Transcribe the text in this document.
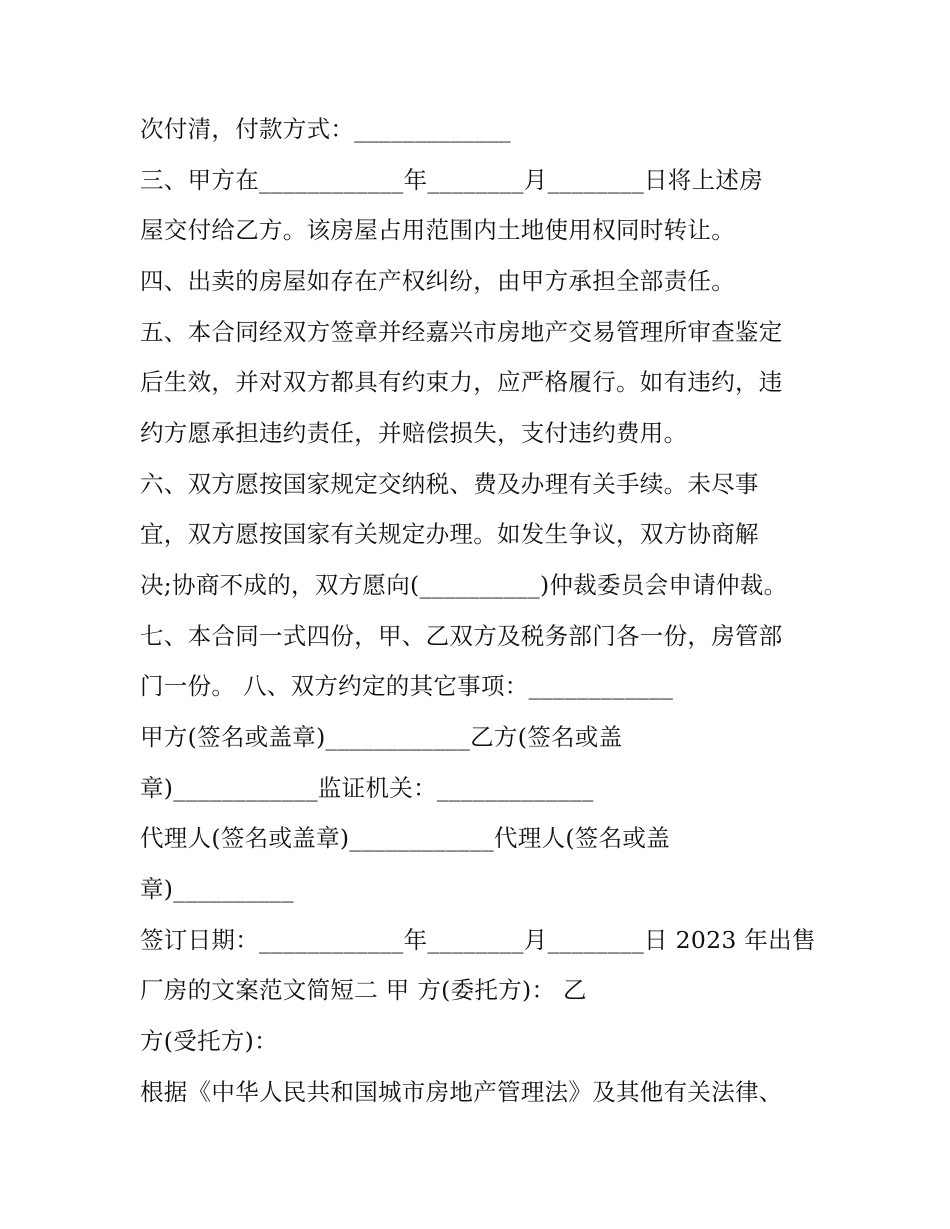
次付清，付款方式：_____________
三、甲方在____________年________月________日将上述房
屋交付给乙方。该房屋占用范围内土地使用权同时转让。
四、出卖的房屋如存在产权纠纷，由甲方承担全部责任。
五、本合同经双方签章并经嘉兴市房地产交易管理所审查鉴定
后生效，并对双方都具有约束力，应严格履行。如有违约，违
约方愿承担违约责任，并赔偿损失，支付违约费用。
六、双方愿按国家规定交纳税、费及办理有关手续。未尽事
宜，双方愿按国家有关规定办理。如发生争议，双方协商解
决;协商不成的，双方愿向(__________)仲裁委员会申请仲裁。
七、本合同一式四份，甲、乙双方及税务部门各一份，房管部
门一份。 八、双方约定的其它事项：____________
甲方(签名或盖章)____________乙方(签名或盖
章)____________监证机关：_____________
代理人(签名或盖章)____________代理人(签名或盖
章)__________
签订日期：____________年________月________日 2023 年出售
厂房的文案范文简短二 甲 方(委托方)： 乙
方(受托方)：
根据《中华人民共和国城市房地产管理法》及其他有关法律、
